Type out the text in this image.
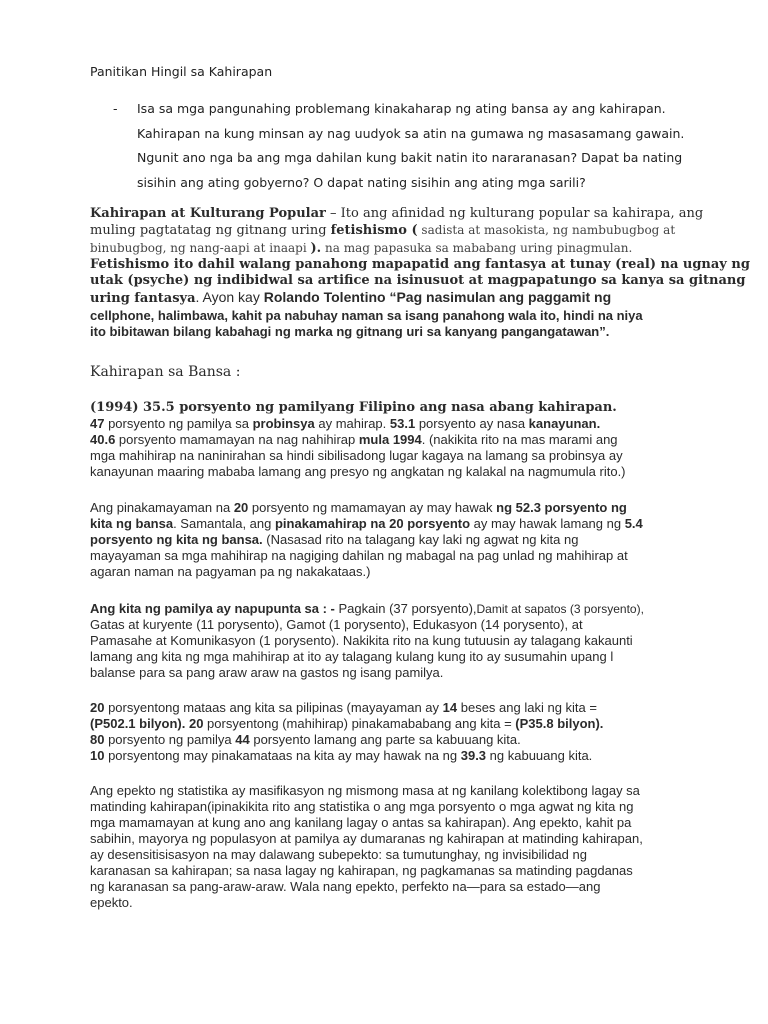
Panitikan Hingil sa Kahirapan
- Isa sa mga pangunahing problemang kinakaharap ng ating bansa ay ang kahirapan.
Kahirapan na kung minsan ay nag uudyok sa atin na gumawa ng masasamang gawain.
Ngunit ano nga ba ang mga dahilan kung bakit natin ito nararanasan? Dapat ba nating
sisihin ang ating gobyerno? O dapat nating sisihin ang ating mga sarili?
Kahirapan at Kulturang Popular – Ito ang afinidad ng kulturang popular sa kahirapa, ang
muling pagtatatag ng gitnang uring fetishismo ( sadista at masokista, ng nambubugbog at
binubugbog, ng nang-aapi at inaapi ). na mag papasuka sa mababang uring pinagmulan.
Fetishismo ito dahil walang panahong mapapatid ang fantasya at tunay (real) na ugnay ng
utak (psyche) ng indibidwal sa artifice na isinusuot at magpapatungo sa kanya sa gitnang
uring fantasya. Ayon kay Rolando Tolentino “Pag nasimulan ang paggamit ng
cellphone, halimbawa, kahit pa nabuhay naman sa isang panahong wala ito, hindi na niya
ito bibitawan bilang kabahagi ng marka ng gitnang uri sa kanyang pangangatawan”.
Kahirapan sa Bansa :
(1994) 35.5 porsyento ng pamilyang Filipino ang nasa abang kahirapan.
47 porsyento ng pamilya sa probinsya ay mahirap. 53.1 porsyento ay nasa kanayunan.
40.6 porsyento mamamayan na nag nahihirap mula 1994. (nakikita rito na mas marami ang
mga mahihirap na naninirahan sa hindi sibilisadong lugar kagaya na lamang sa probinsya ay
kanayunan maaring mababa lamang ang presyo ng angkatan ng kalakal na nagmumula rito.)
Ang pinakamayaman na 20 porsyento ng mamamayan ay may hawak ng 52.3 porsyento ng
kita ng bansa. Samantala, ang pinakamahirap na 20 porsyento ay may hawak lamang ng 5.4
porsyento ng kita ng bansa. (Nasasad rito na talagang kay laki ng agwat ng kita ng
mayayaman sa mga mahihirap na nagiging dahilan ng mabagal na pag unlad ng mahihirap at
agaran naman na pagyaman pa ng nakakataas.)
Ang kita ng pamilya ay napupunta sa : - Pagkain (37 porsyento),Damit at sapatos (3 porsyento),
Gatas at kuryente (11 porysento), Gamot (1 porysento), Edukasyon (14 porysento), at
Pamasahe at Komunikasyon (1 porysento). Nakikita rito na kung tutuusin ay talagang kakaunti
lamang ang kita ng mga mahihirap at ito ay talagang kulang kung ito ay susumahin upang l
balanse para sa pang araw araw na gastos ng isang pamilya.
20 porsyentong mataas ang kita sa pilipinas (mayayaman ay 14 beses ang laki ng kita =
(P502.1 bilyon). 20 porsyentong (mahihirap) pinakamababang ang kita = (P35.8 bilyon).
80 porsyento ng pamilya 44 porsyento lamang ang parte sa kabuuang kita.
10 porsyentong may pinakamataas na kita ay may hawak na ng 39.3 ng kabuuang kita.
Ang epekto ng statistika ay masifikasyon ng mismong masa at ng kanilang kolektibong lagay sa
matinding kahirapan(ipinakikita rito ang statistika o ang mga porsyento o mga agwat ng kita ng
mga mamamayan at kung ano ang kanilang lagay o antas sa kahirapan). Ang epekto, kahit pa
sabihin, mayorya ng populasyon at pamilya ay dumaranas ng kahirapan at matinding kahirapan,
ay desensitisisasyon na may dalawang subepekto: sa tumutunghay, ng invisibilidad ng
karanasan sa kahirapan; sa nasa lagay ng kahirapan, ng pagkamanas sa matinding pagdanas
ng karanasan sa pang-araw-araw. Wala nang epekto, perfekto na—para sa estado—ang
epekto.
